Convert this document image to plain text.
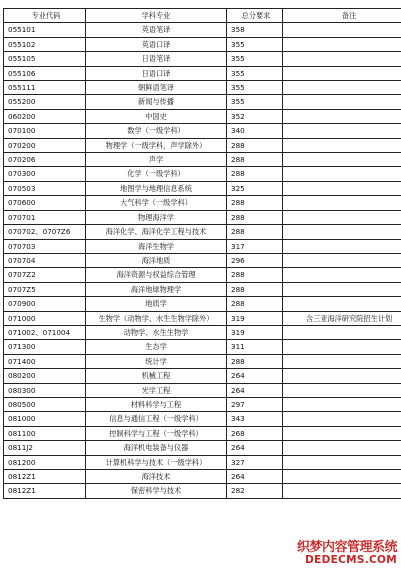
专业代码	学科专业	总分要求	备注
055101	英语笔译	358	
055102	英语口译	355	
055105	日语笔译	355	
055106	日语口译	355	
055111	朝鲜语笔译	355	
055200	新闻与传播	355	
060200	中国史	352	
070100	数学（一级学科）	340	
070200	物理学（一级学科，声学除外）	288	
070206	声学	288	
070300	化学（一级学科）	288	
070503	地图学与地理信息系统	325	
070600	大气科学（一级学科）	288	
070701	物理海洋学	288	
070702、0707Z6	海洋化学、海洋化学工程与技术	288	
070703	海洋生物学	317	
070704	海洋地质	296	
0707Z2	海洋资源与权益综合管理	288	
0707Z5	海洋地球物理学	288	
070900	地质学	288	
071000	生物学（动物学、水生生物学除外）	319	含三亚海洋研究院招生计划
071002、071004	动物学、水生生物学	319	
071300	生态学	311	
071400	统计学	288	
080200	机械工程	264	
080300	光学工程	264	
080500	材料科学与工程	297	
081000	信息与通信工程（一级学科）	343	
081100	控制科学与工程（一级学科）	268	
0811J2	海洋机电装备与仪器	264	
081200	计算机科学与技术（一级学科）	327	
0812Z1	海洋技术	264	
0812Z1	保密科学与技术	282	
织梦内容管理系统
DEDECMS.COM
